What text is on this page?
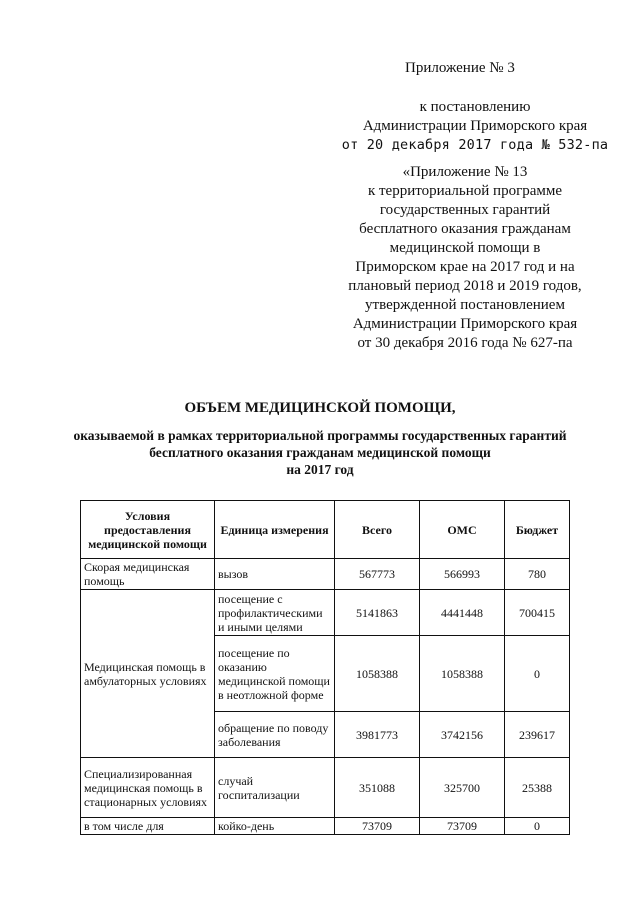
Приложение № 3
к постановлению
Администрации Приморского края
от 20 декабря 2017 года № 532-па
«Приложение № 13
к территориальной программе
государственных гарантий
бесплатного оказания гражданам
медицинской помощи в
Приморском крае на 2017 год и на
плановый период 2018 и 2019 годов,
утвержденной постановлением
Администрации Приморского края
от 30 декабря 2016 года № 627-па
ОБЪЕМ МЕДИЦИНСКОЙ ПОМОЩИ,
оказываемой в рамках территориальной программы государственных гарантий
бесплатного оказания гражданам медицинской помощи
на 2017 год
Условия предоставления медицинской помощи	Единица измерения	Всего	ОМС	Бюджет
Скорая медицинская помощь	вызов	567773	566993	780
Медицинская помощь в амбулаторных условиях	посещение с профилактическими и иными целями	5141863	4441448	700415
	посещение по оказанию медицинской помощи в неотложной форме	1058388	1058388	0
	обращение по поводу заболевания	3981773	3742156	239617
Специализированная медицинская помощь в стационарных условиях	случай госпитализации	351088	325700	25388
в том числе для	койко-день	73709	73709	0
